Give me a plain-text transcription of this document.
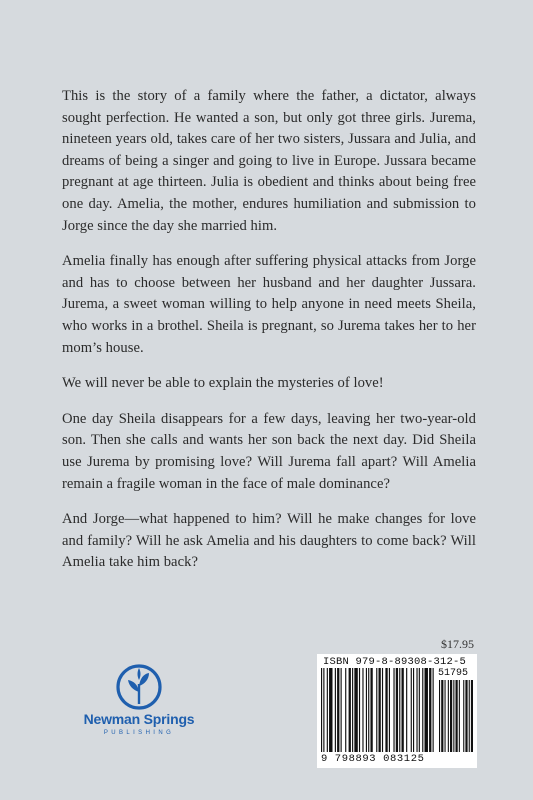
This is the story of a family where the father, a dictator, always sought perfection. He wanted a son, but only got three girls. Jurema, nineteen years old, takes care of her two sisters, Jussara and Julia, and dreams of being a singer and going to live in Europe. Jussara became pregnant at age thirteen. Julia is obedient and thinks about being free one day. Amelia, the mother, endures humiliation and submission to Jorge since the day she married him.

Amelia finally has enough after suffering physical attacks from Jorge and has to choose between her husband and her daughter Jussara. Jurema, a sweet woman willing to help anyone in need meets Sheila, who works in a brothel. Sheila is pregnant, so Jurema takes her to her mom’s house.

We will never be able to explain the mysteries of love!

One day Sheila disappears for a few days, leaving her two-year-old son. Then she calls and wants her son back the next day. Did Sheila use Jurema by promising love? Will Jurema fall apart? Will Amelia remain a fragile woman in the face of male dominance?

And Jorge—what happened to him? Will he make changes for love and family? Will he ask Amelia and his daughters to come back? Will Amelia take him back?

$17.95
ISBN 979-8-89308-312-5
51795
9 798893 083125
Newman Springs
PUBLISHING
